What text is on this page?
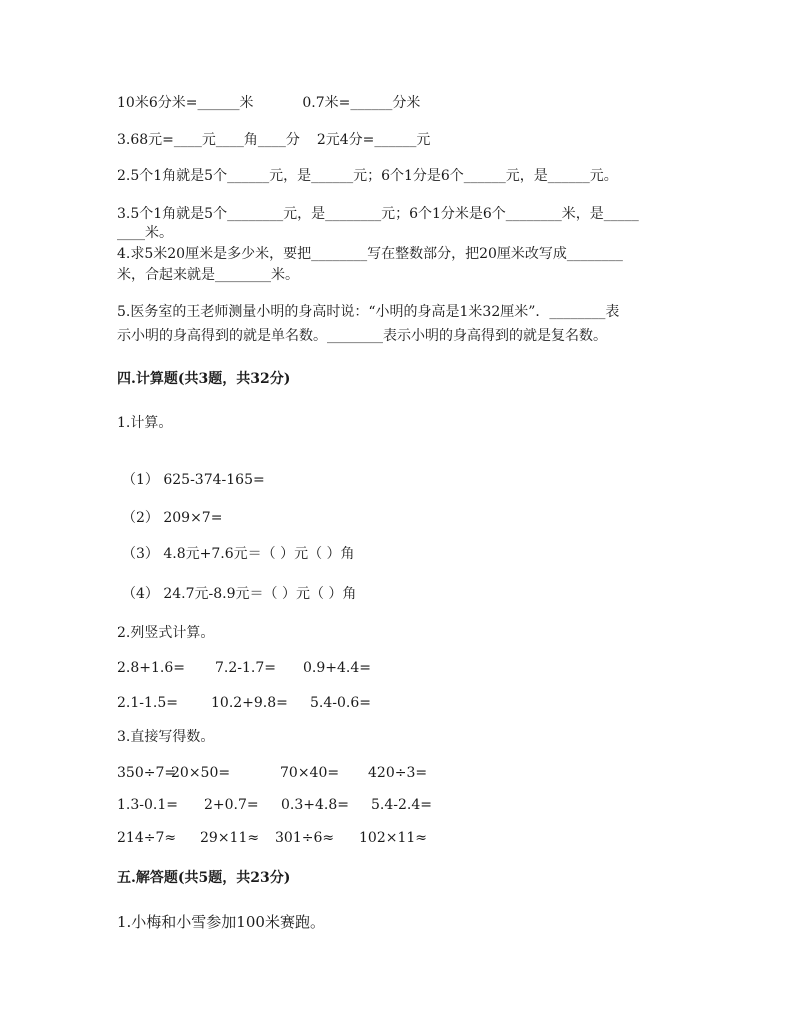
10米6分米=______米	0.7米=______分米
3.68元=____元____角____分 2元4分=______元
2.5个1角就是5个______元，是______元；6个1分是6个______元，是______元。
3.5个1角就是5个________元，是________元；6个1分米是6个________米，是_____
____米。
4.求5米20厘米是多少米，要把________写在整数部分，把20厘米改写成________
米，合起来就是________米。
5.医务室的王老师测量小明的身高时说：“小明的身高是1米32厘米”．________表
示小明的身高得到的就是单名数。________表示小明的身高得到的就是复名数。
四.计算题(共3题，共32分)
1.计算。
（1） 625-374-165=
（2） 209×7=
（3） 4.8元+7.6元＝（ ）元（ ）角
（4） 24.7元-8.9元＝（ ）元（ ）角
2.列竖式计算。
2.8+1.6= 7.2-1.7= 0.9+4.4=
2.1-1.5= 10.2+9.8= 5.4-0.6=
3.直接写得数。
350÷7=
20×50=	70×40= 420÷3=
1.3-0.1= 2+0.7= 0.3+4.8= 5.4-2.4=
214÷7≈ 29×11≈ 301÷6≈ 102×11≈
五.解答题(共5题，共23分)
1.小梅和小雪参加100米赛跑。
